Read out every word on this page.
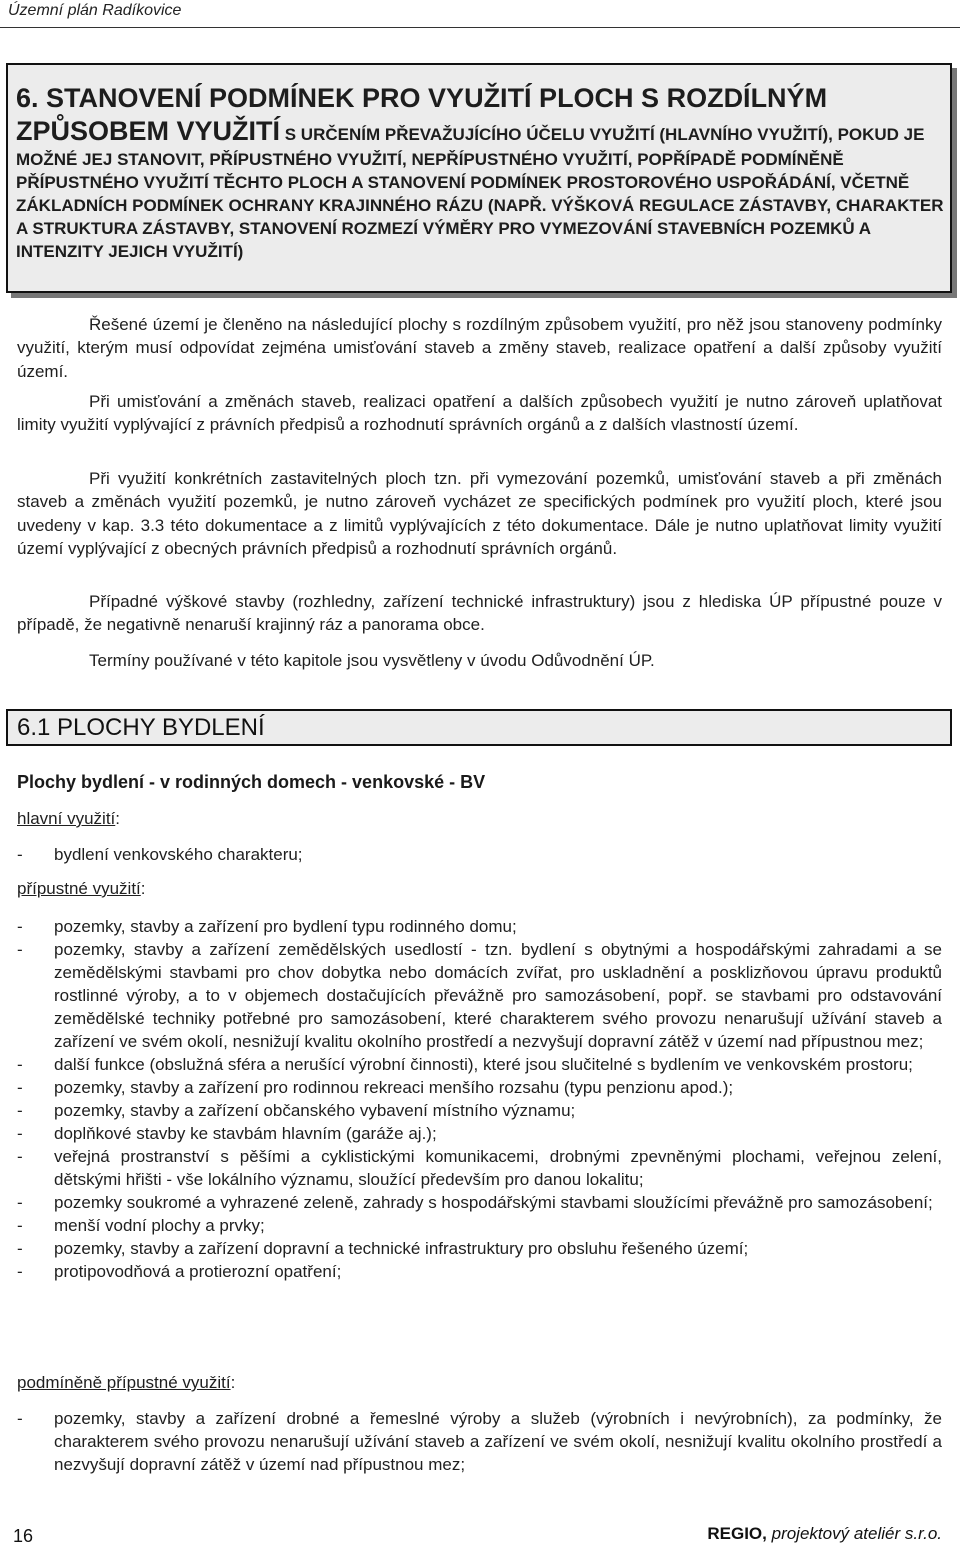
Územní plán Radíkovice
6. STANOVENÍ PODMÍNEK PRO VYUŽITÍ PLOCH S ROZDÍLNÝM
ZPŮSOBEM VYUŽITÍ S URČENÍM PŘEVAŽUJÍCÍHO ÚČELU VYUŽITÍ (HLAVNÍHO VYUŽITÍ), POKUD JE MOŽNÉ JEJ STANOVIT, PŘÍPUSTNÉHO VYUŽITÍ, NEPŘÍPUSTNÉHO VYUŽITÍ, POPŘÍPADĚ PODMÍNĚNĚ PŘÍPUSTNÉHO VYUŽITÍ TĚCHTO PLOCH A STANOVENÍ PODMÍNEK PROSTOROVÉHO USPOŘÁDÁNÍ, VČETNĚ ZÁKLADNÍCH PODMÍNEK OCHRANY KRAJINNÉHO RÁZU (NAPŘ. VÝŠKOVÁ REGULACE ZÁSTAVBY, CHARAKTER A STRUKTURA ZÁSTAVBY, STANOVENÍ ROZMEZÍ VÝMĚRY PRO VYMEZOVÁNÍ STAVEBNÍCH POZEMKŮ A INTENZITY JEJICH VYUŽITÍ)

Řešené území je členěno na následující plochy s rozdílným způsobem využití, pro něž jsou stanoveny podmínky využití, kterým musí odpovídat zejména umisťování staveb a změny staveb, realizace opatření a další způsoby využití území.

Při umisťování a změnách staveb, realizaci opatření a dalších způsobech využití je nutno zároveň uplatňovat limity využití vyplývající z právních předpisů a rozhodnutí správních orgánů a z dalších vlastností území.

Při využití konkrétních zastavitelných ploch tzn. při vymezování pozemků, umisťování staveb a při změnách staveb a změnách využití pozemků, je nutno zároveň vycházet ze specifických podmínek pro využití ploch, které jsou uvedeny v kap. 3.3 této dokumentace a z limitů vyplývajících z této dokumentace. Dále je nutno uplatňovat limity využití území vyplývající z obecných právních předpisů a rozhodnutí správních orgánů.

Případné výškové stavby (rozhledny, zařízení technické infrastruktury) jsou z hlediska ÚP přípustné pouze v případě, že negativně nenaruší krajinný ráz a panorama obce.

Termíny používané v této kapitole jsou vysvětleny v úvodu Odůvodnění ÚP.

6.1 PLOCHY BYDLENÍ
Plochy bydlení - v rodinných domech - venkovské - BV

hlavní využití:

- bydlení venkovského charakteru;

přípustné využití:

- pozemky, stavby a zařízení pro bydlení typu rodinného domu;
- pozemky, stavby a zařízení zemědělských usedlostí - tzn. bydlení s obytnými a hospodářskými zahradami a se zemědělskými stavbami pro chov dobytka nebo domácích zvířat, pro uskladnění a posklizňovou úpravu produktů rostlinné výroby, a to v objemech dostačujících převážně pro samozásobení, popř. se stavbami pro odstavování zemědělské techniky potřebné pro samozásobení, které charakterem svého provozu nenarušují užívání staveb a zařízení ve svém okolí, nesnižují kvalitu okolního prostředí a nezvyšují dopravní zátěž v území nad přípustnou mez;
- další funkce (obslužná sféra a nerušící výrobní činnosti), které jsou slučitelné s bydlením ve venkovském prostoru;
- pozemky, stavby a zařízení pro rodinnou rekreaci menšího rozsahu (typu penzionu apod.);
- pozemky, stavby a zařízení občanského vybavení místního významu;
- doplňkové stavby ke stavbám hlavním (garáže aj.);
- veřejná prostranství s pěšími a cyklistickými komunikacemi, drobnými zpevněnými plochami, veřejnou zelení, dětskými hřišti - vše lokálního významu, sloužící především pro danou lokalitu;
- pozemky soukromé a vyhrazené zeleně, zahrady s hospodářskými stavbami sloužícími převážně pro samozásobení;
- menší vodní plochy a prvky;
- pozemky, stavby a zařízení dopravní a technické infrastruktury pro obsluhu řešeného území;
- protipovodňová a protierozní opatření;

podmíněně přípustné využití:

- pozemky, stavby a zařízení drobné a řemeslné výroby a služeb (výrobních i nevýrobních), za podmínky, že charakterem svého provozu nenarušují užívání staveb a zařízení ve svém okolí, nesnižují kvalitu okolního prostředí a nezvyšují dopravní zátěž v území nad přípustnou mez;
16	REGIO, projektový ateliér s.r.o.
